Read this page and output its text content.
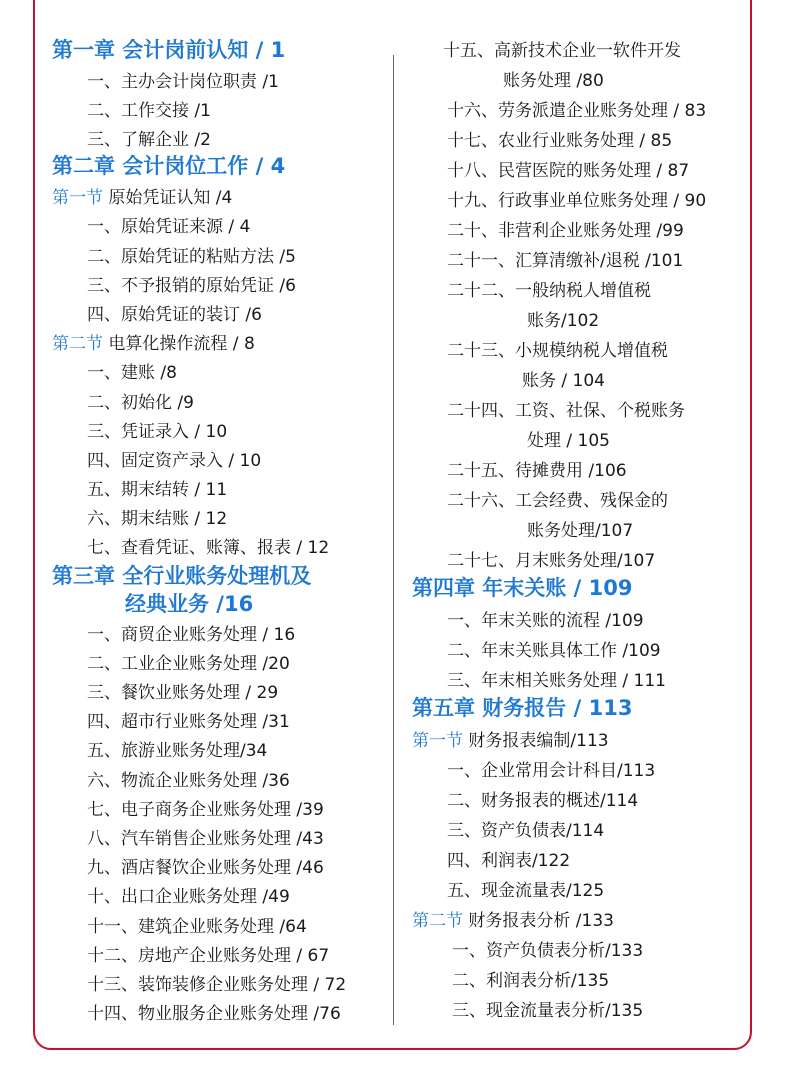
第一章 会计岗前认知 / 1
一、主办会计岗位职责 /1
二、工作交接 /1
三、了解企业 /2
第二章 会计岗位工作 / 4
第一节 原始凭证认知 /4
一、原始凭证来源 / 4
二、原始凭证的粘贴方法 /5
三、不予报销的原始凭证 /6
四、原始凭证的装订 /6
第二节 电算化操作流程 / 8
一、建账 /8
二、初始化 /9
三、凭证录入 / 10
四、固定资产录入 / 10
五、期末结转 / 11
六、期末结账 / 12
七、查看凭证、账簿、报表 / 12
第三章 全行业账务处理机及
经典业务 /16
一、商贸企业账务处理 / 16
二、工业企业账务处理 /20
三、餐饮业账务处理 / 29
四、超市行业账务处理 /31
五、旅游业账务处理/34
六、物流企业账务处理 /36
七、电子商务企业账务处理 /39
八、汽车销售企业账务处理 /43
九、酒店餐饮企业账务处理 /46
十、出口企业账务处理 /49
十一、建筑企业账务处理 /64
十二、房地产企业账务处理 / 67
十三、装饰装修企业账务处理 / 72
十四、物业服务企业账务处理 /76
十五、高新技术企业一软件开发
账务处理 /80
十六、劳务派遣企业账务处理 / 83
十七、农业行业账务处理 / 85
十八、民营医院的账务处理 / 87
十九、行政事业单位账务处理 / 90
二十、非营利企业账务处理 /99
二十一、汇算清缴补/退税 /101
二十二、一般纳税人增值税
账务/102
二十三、小规模纳税人增值税
账务 / 104
二十四、工资、社保、个税账务
处理 / 105
二十五、待摊费用 /106
二十六、工会经费、残保金的
账务处理/107
二十七、月末账务处理/107
第四章 年末关账 / 109
一、年末关账的流程 /109
二、年末关账具体工作 /109
三、年末相关账务处理 / 111
第五章 财务报告 / 113
第一节 财务报表编制/113
一、企业常用会计科目/113
二、财务报表的概述/114
三、资产负债表/114
四、利润表/122
五、现金流量表/125
第二节 财务报表分析 /133
一、资产负债表分析/133
二、利润表分析/135
三、现金流量表分析/135
